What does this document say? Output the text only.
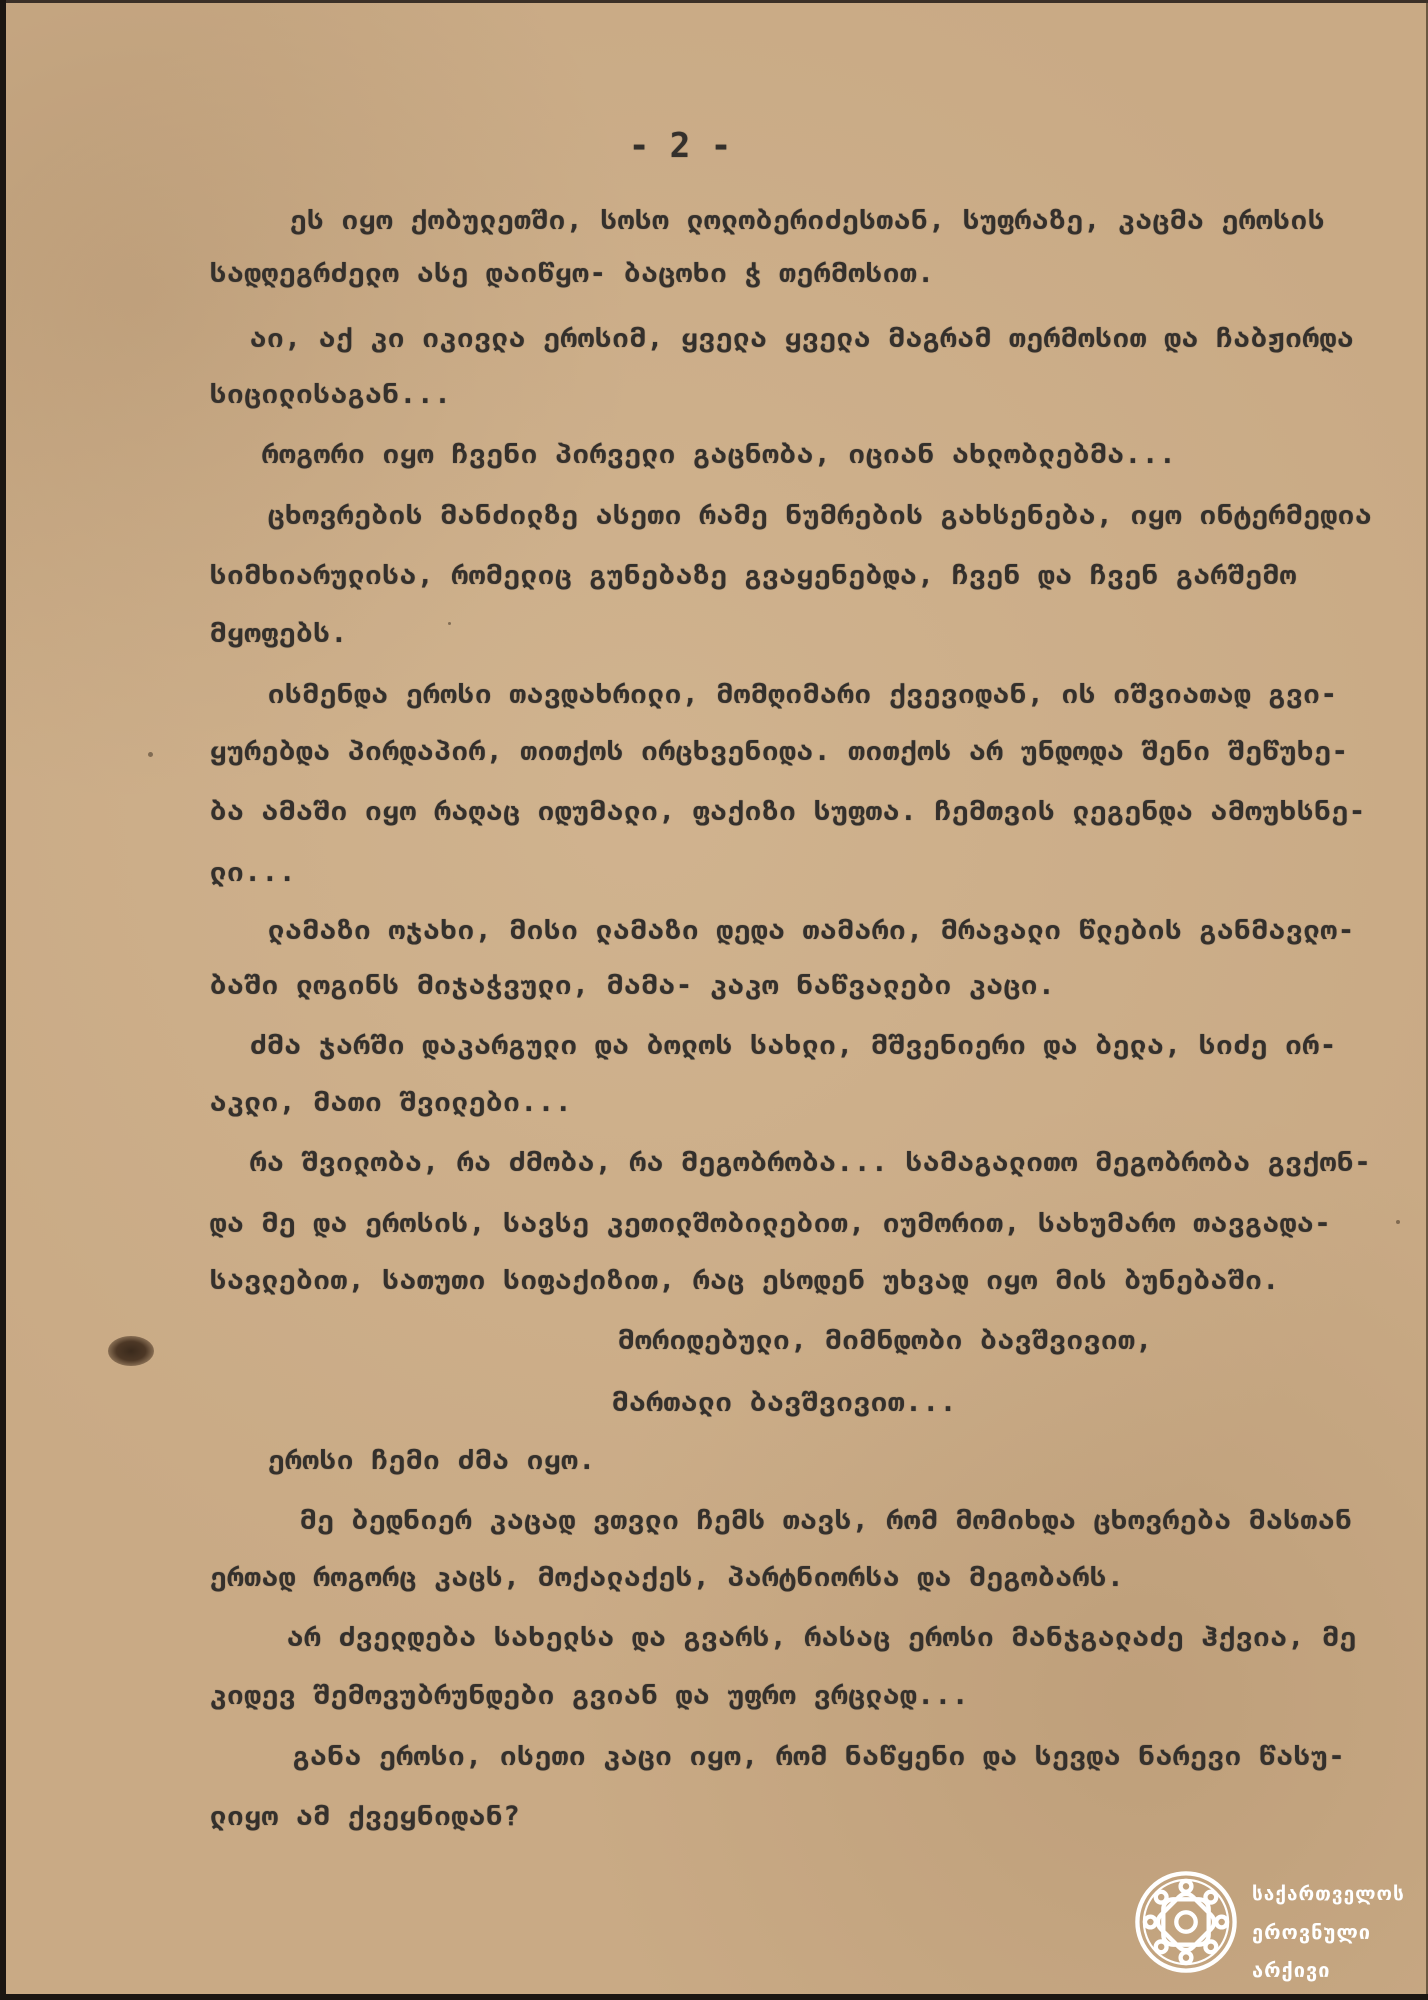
- 2 -
ეს იყო ქობულეთში, სოსო ლოლობერიძესთან, სუფრაზე, კაცმა ეროსის
სადღეგრძელო ასე დაიწყო- ბაცოხი ჭ თერმოსით.
აი, აქ კი იკივლა ეროსიმ, ყველა ყველა მაგრამ თერმოსით და ჩაბჟირდა
სიცილისაგან...
როგორი იყო ჩვენი პირველი გაცნობა, იციან ახლობლებმა...
ცხოვრების მანძილზე ასეთი რამე ნუმრების გახსენება, იყო ინტერმედია
სიმხიარულისა, რომელიც გუნებაზე გვაყენებდა, ჩვენ და ჩვენ გარშემო
მყოფებს.
ისმენდა ეროსი თავდახრილი, მომღიმარი ქვევიდან, ის იშვიათად გვი-
ყურებდა პირდაპირ, თითქოს ირცხვენიდა. თითქოს არ უნდოდა შენი შეწუხე-
ბა ამაში იყო რაღაც იდუმალი, ფაქიზი სუფთა. ჩემთვის ლეგენდა ამოუხსნე-
ლი...
ლამაზი ოჯახი, მისი ლამაზი დედა თამარი, მრავალი წლების განმავლო-
ბაში ლოგინს მიჯაჭვული, მამა- კაკო ნაწვალები კაცი.
ძმა ჯარში დაკარგული და ბოლოს სახლი, მშვენიერი და ბელა, სიძე ირ-
აკლი, მათი შვილები...
რა შვილობა, რა ძმობა, რა მეგობრობა... სამაგალითო მეგობრობა გვქონ-
და მე და ეროსის, სავსე კეთილშობილებით, იუმორით, სახუმარო თავგადა-
სავლებით, სათუთი სიფაქიზით, რაც ესოდენ უხვად იყო მის ბუნებაში.
მორიდებული, მიმნდობი ბავშვივით,
მართალი ბავშვივით...
ეროსი ჩემი ძმა იყო.
მე ბედნიერ კაცად ვთვლი ჩემს თავს, რომ მომიხდა ცხოვრება მასთან
ერთად როგორც კაცს, მოქალაქეს, პარტნიორსა და მეგობარს.
არ ძველდება სახელსა და გვარს, რასაც ეროსი მანჯგალაძე ჰქვია, მე
კიდევ შემოვუბრუნდები გვიან და უფრო ვრცლად...
განა ეროსი, ისეთი კაცი იყო, რომ ნაწყენი და სევდა ნარევი წასუ-
ლიყო ამ ქვეყნიდან?
საქართველოს
ეროვნული
არქივი
